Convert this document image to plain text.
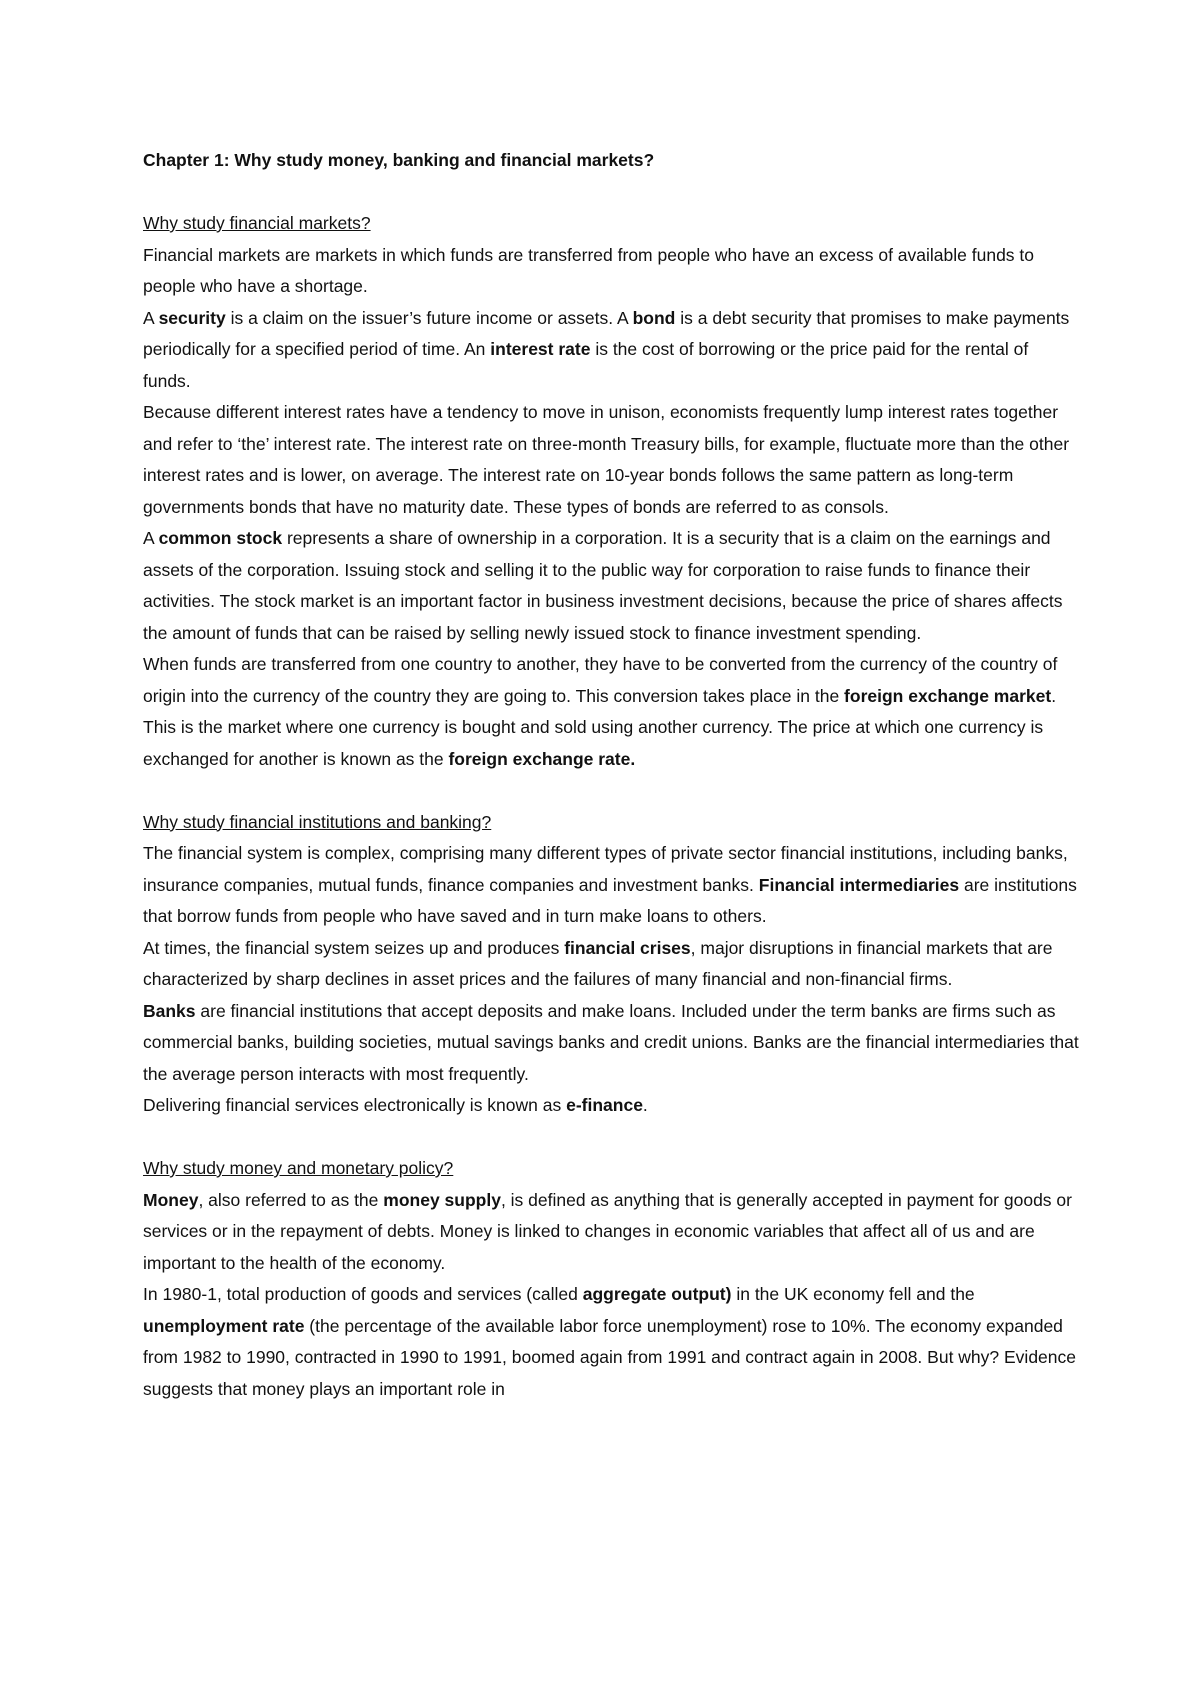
Chapter 1: Why study money, banking and financial markets?
Why study financial markets?

Financial markets are markets in which funds are transferred from people who have an excess of available funds to people who have a shortage.

A security is a claim on the issuer’s future income or assets. A bond is a debt security that promises to make payments periodically for a specified period of time. An interest rate is the cost of borrowing or the price paid for the rental of funds.

Because different interest rates have a tendency to move in unison, economists frequently lump interest rates together and refer to ‘the’ interest rate. The interest rate on three-month Treasury bills, for example, fluctuate more than the other interest rates and is lower, on average. The interest rate on 10-year bonds follows the same pattern as long-term governments bonds that have no maturity date. These types of bonds are referred to as consols.

A common stock represents a share of ownership in a corporation. It is a security that is a claim on the earnings and assets of the corporation. Issuing stock and selling it to the public way for corporation to raise funds to finance their activities. The stock market is an important factor in business investment decisions, because the price of shares affects the amount of funds that can be raised by selling newly issued stock to finance investment spending.

When funds are transferred from one country to another, they have to be converted from the currency of the country of origin into the currency of the country they are going to. This conversion takes place in the foreign exchange market. This is the market where one currency is bought and sold using another currency. The price at which one currency is exchanged for another is known as the foreign exchange rate.

Why study financial institutions and banking?

The financial system is complex, comprising many different types of private sector financial institutions, including banks, insurance companies, mutual funds, finance companies and investment banks. Financial intermediaries are institutions that borrow funds from people who have saved and in turn make loans to others.

At times, the financial system seizes up and produces financial crises, major disruptions in financial markets that are characterized by sharp declines in asset prices and the failures of many financial and non-financial firms.

Banks are financial institutions that accept deposits and make loans. Included under the term banks are firms such as commercial banks, building societies, mutual savings banks and credit unions. Banks are the financial intermediaries that the average person interacts with most frequently.

Delivering financial services electronically is known as e-finance.

Why study money and monetary policy?

Money, also referred to as the money supply, is defined as anything that is generally accepted in payment for goods or services or in the repayment of debts. Money is linked to changes in economic variables that affect all of us and are important to the health of the economy.

In 1980-1, total production of goods and services (called aggregate output) in the UK economy fell and the unemployment rate (the percentage of the available labor force unemployment) rose to 10%. The economy expanded from 1982 to 1990, contracted in 1990 to 1991, boomed again from 1991 and contract again in 2008. But why? Evidence suggests that money plays an important role in
